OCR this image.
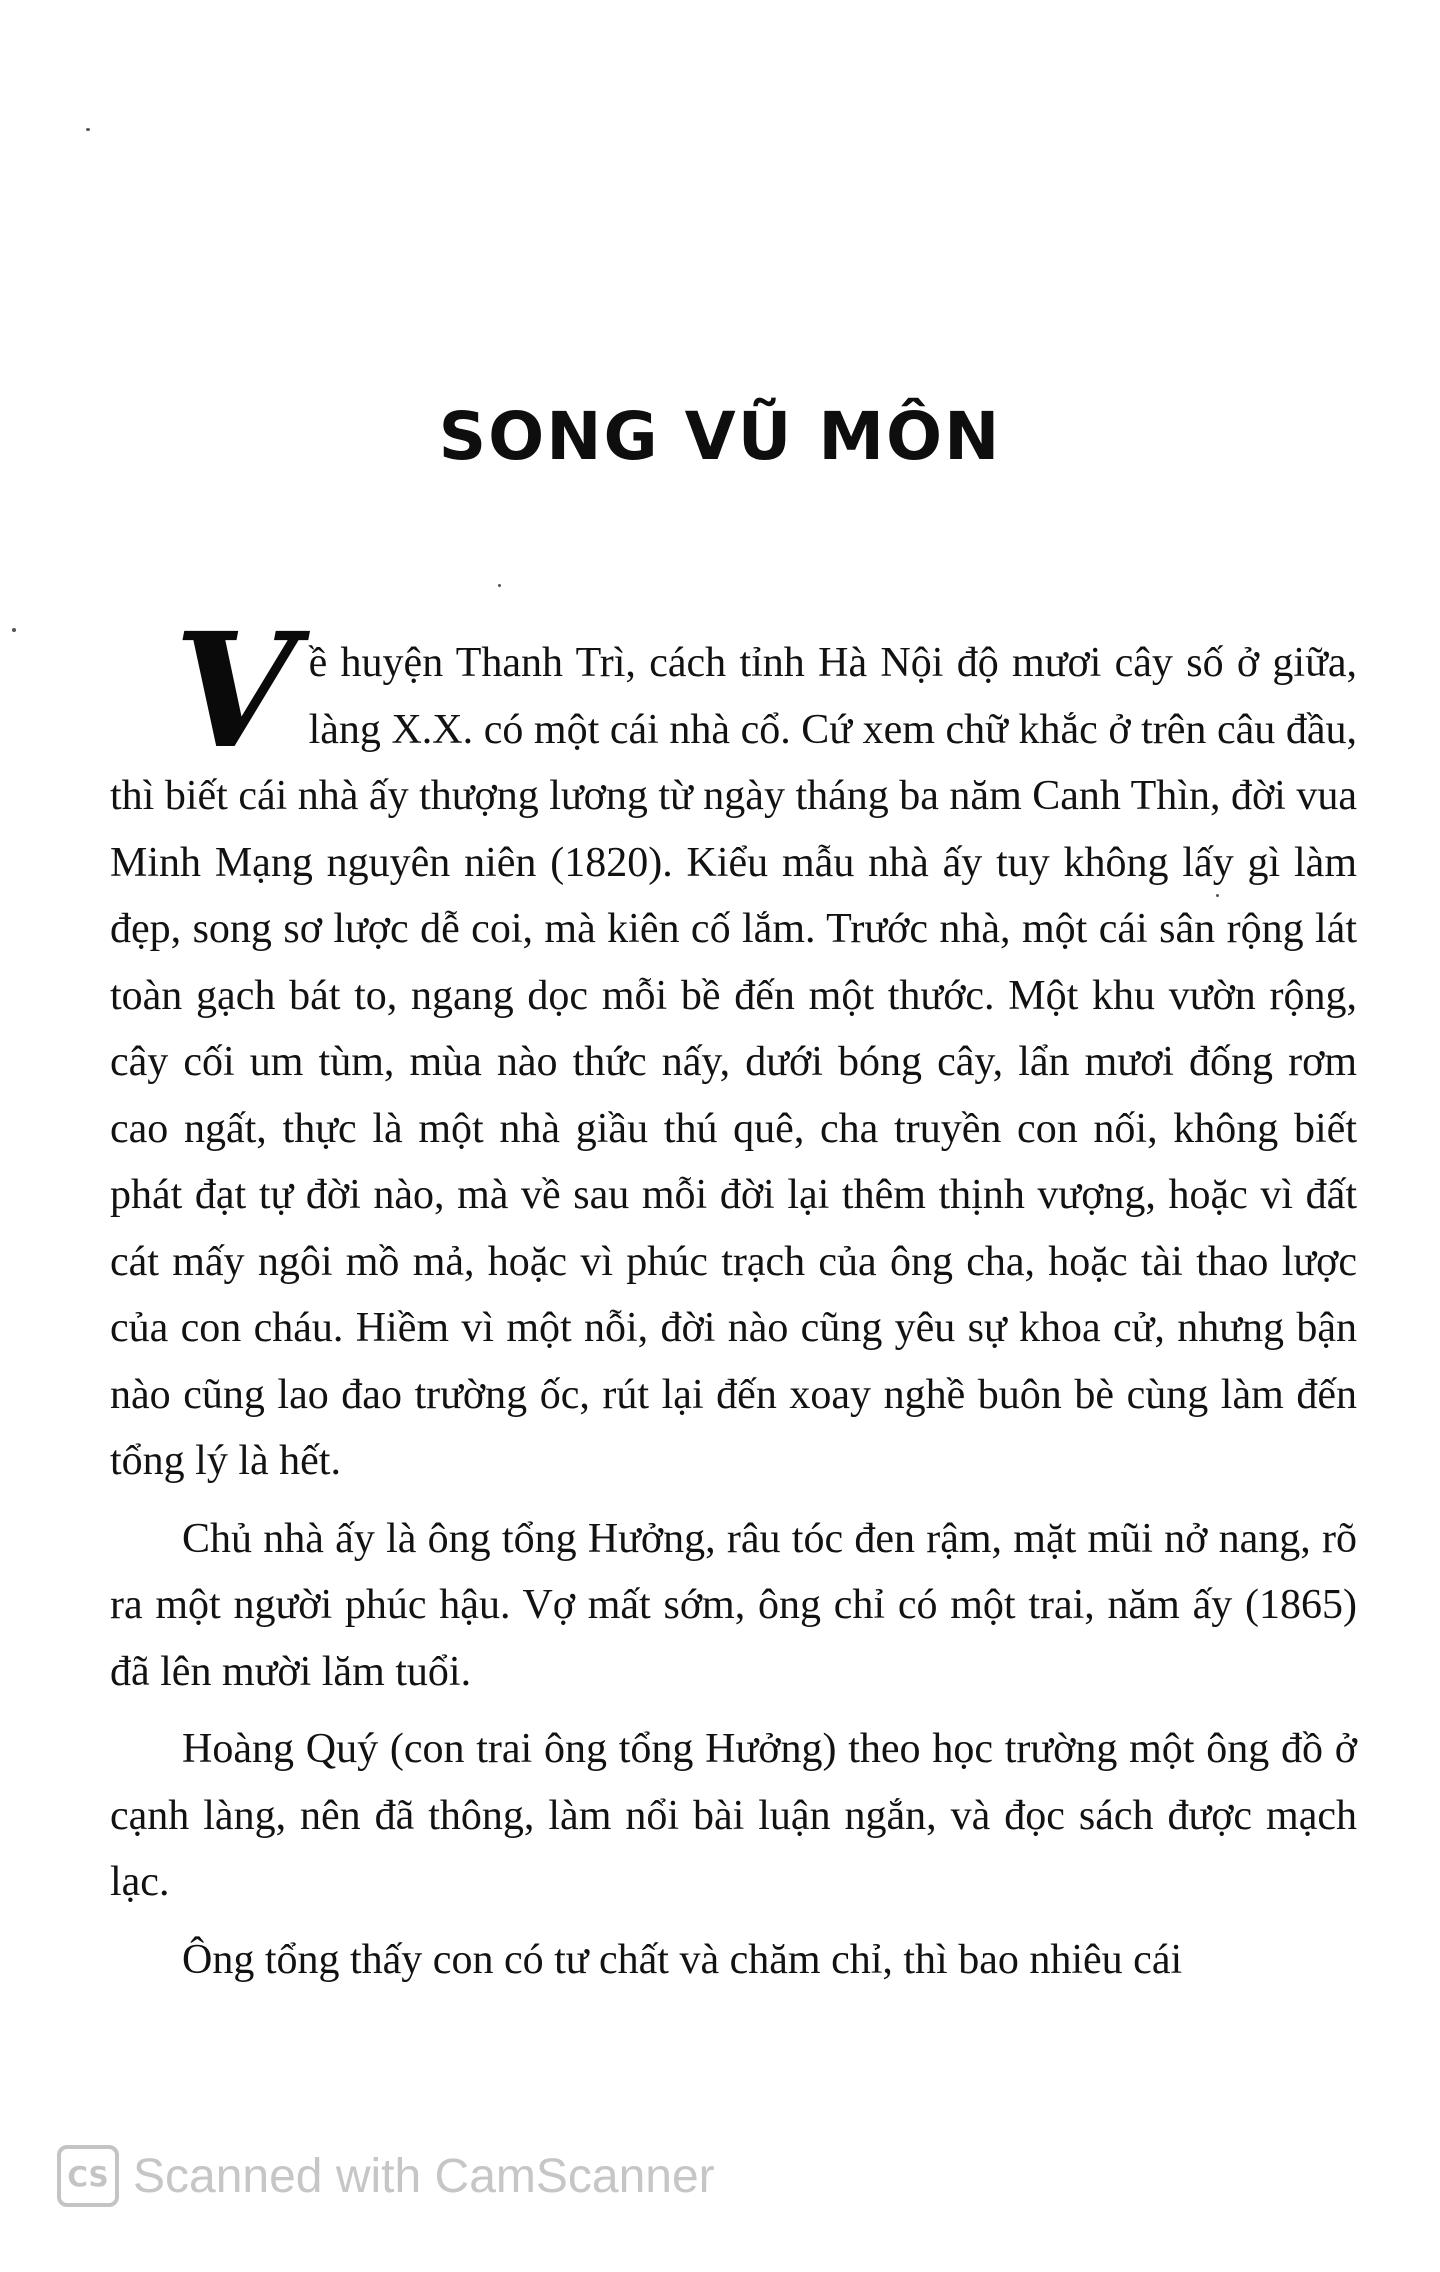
SONG VŨ MÔN

Về huyện Thanh Trì, cách tỉnh Hà Nội độ mươi cây số ở giữa, làng X.X. có một cái nhà cổ. Cứ xem chữ khắc ở trên câu đầu, thì biết cái nhà ấy thượng lương từ ngày tháng ba năm Canh Thìn, đời vua Minh Mạng nguyên niên (1820). Kiểu mẫu nhà ấy tuy không lấy gì làm đẹp, song sơ lược dễ coi, mà kiên cố lắm. Trước nhà, một cái sân rộng lát toàn gạch bát to, ngang dọc mỗi bề đến một thước. Một khu vườn rộng, cây cối um tùm, mùa nào thức nấy, dưới bóng cây, lẩn mươi đống rơm cao ngất, thực là một nhà giầu thú quê, cha truyền con nối, không biết phát đạt tự đời nào, mà về sau mỗi đời lại thêm thịnh vượng, hoặc vì đất cát mấy ngôi mồ mả, hoặc vì phúc trạch của ông cha, hoặc tài thao lược của con cháu. Hiềm vì một nỗi, đời nào cũng yêu sự khoa cử, nhưng bận nào cũng lao đao trường ốc, rút lại đến xoay nghề buôn bè cùng làm đến tổng lý là hết.

Chủ nhà ấy là ông tổng Hưởng, râu tóc đen rậm, mặt mũi nở nang, rõ ra một người phúc hậu. Vợ mất sớm, ông chỉ có một trai, năm ấy (1865) đã lên mười lăm tuổi.

Hoàng Quý (con trai ông tổng Hưởng) theo học trường một ông đồ ở cạnh làng, nên đã thông, làm nổi bài luận ngắn, và đọc sách được mạch lạc.

Ông tổng thấy con có tư chất và chăm chỉ, thì bao nhiêu cái

CS Scanned with CamScanner
